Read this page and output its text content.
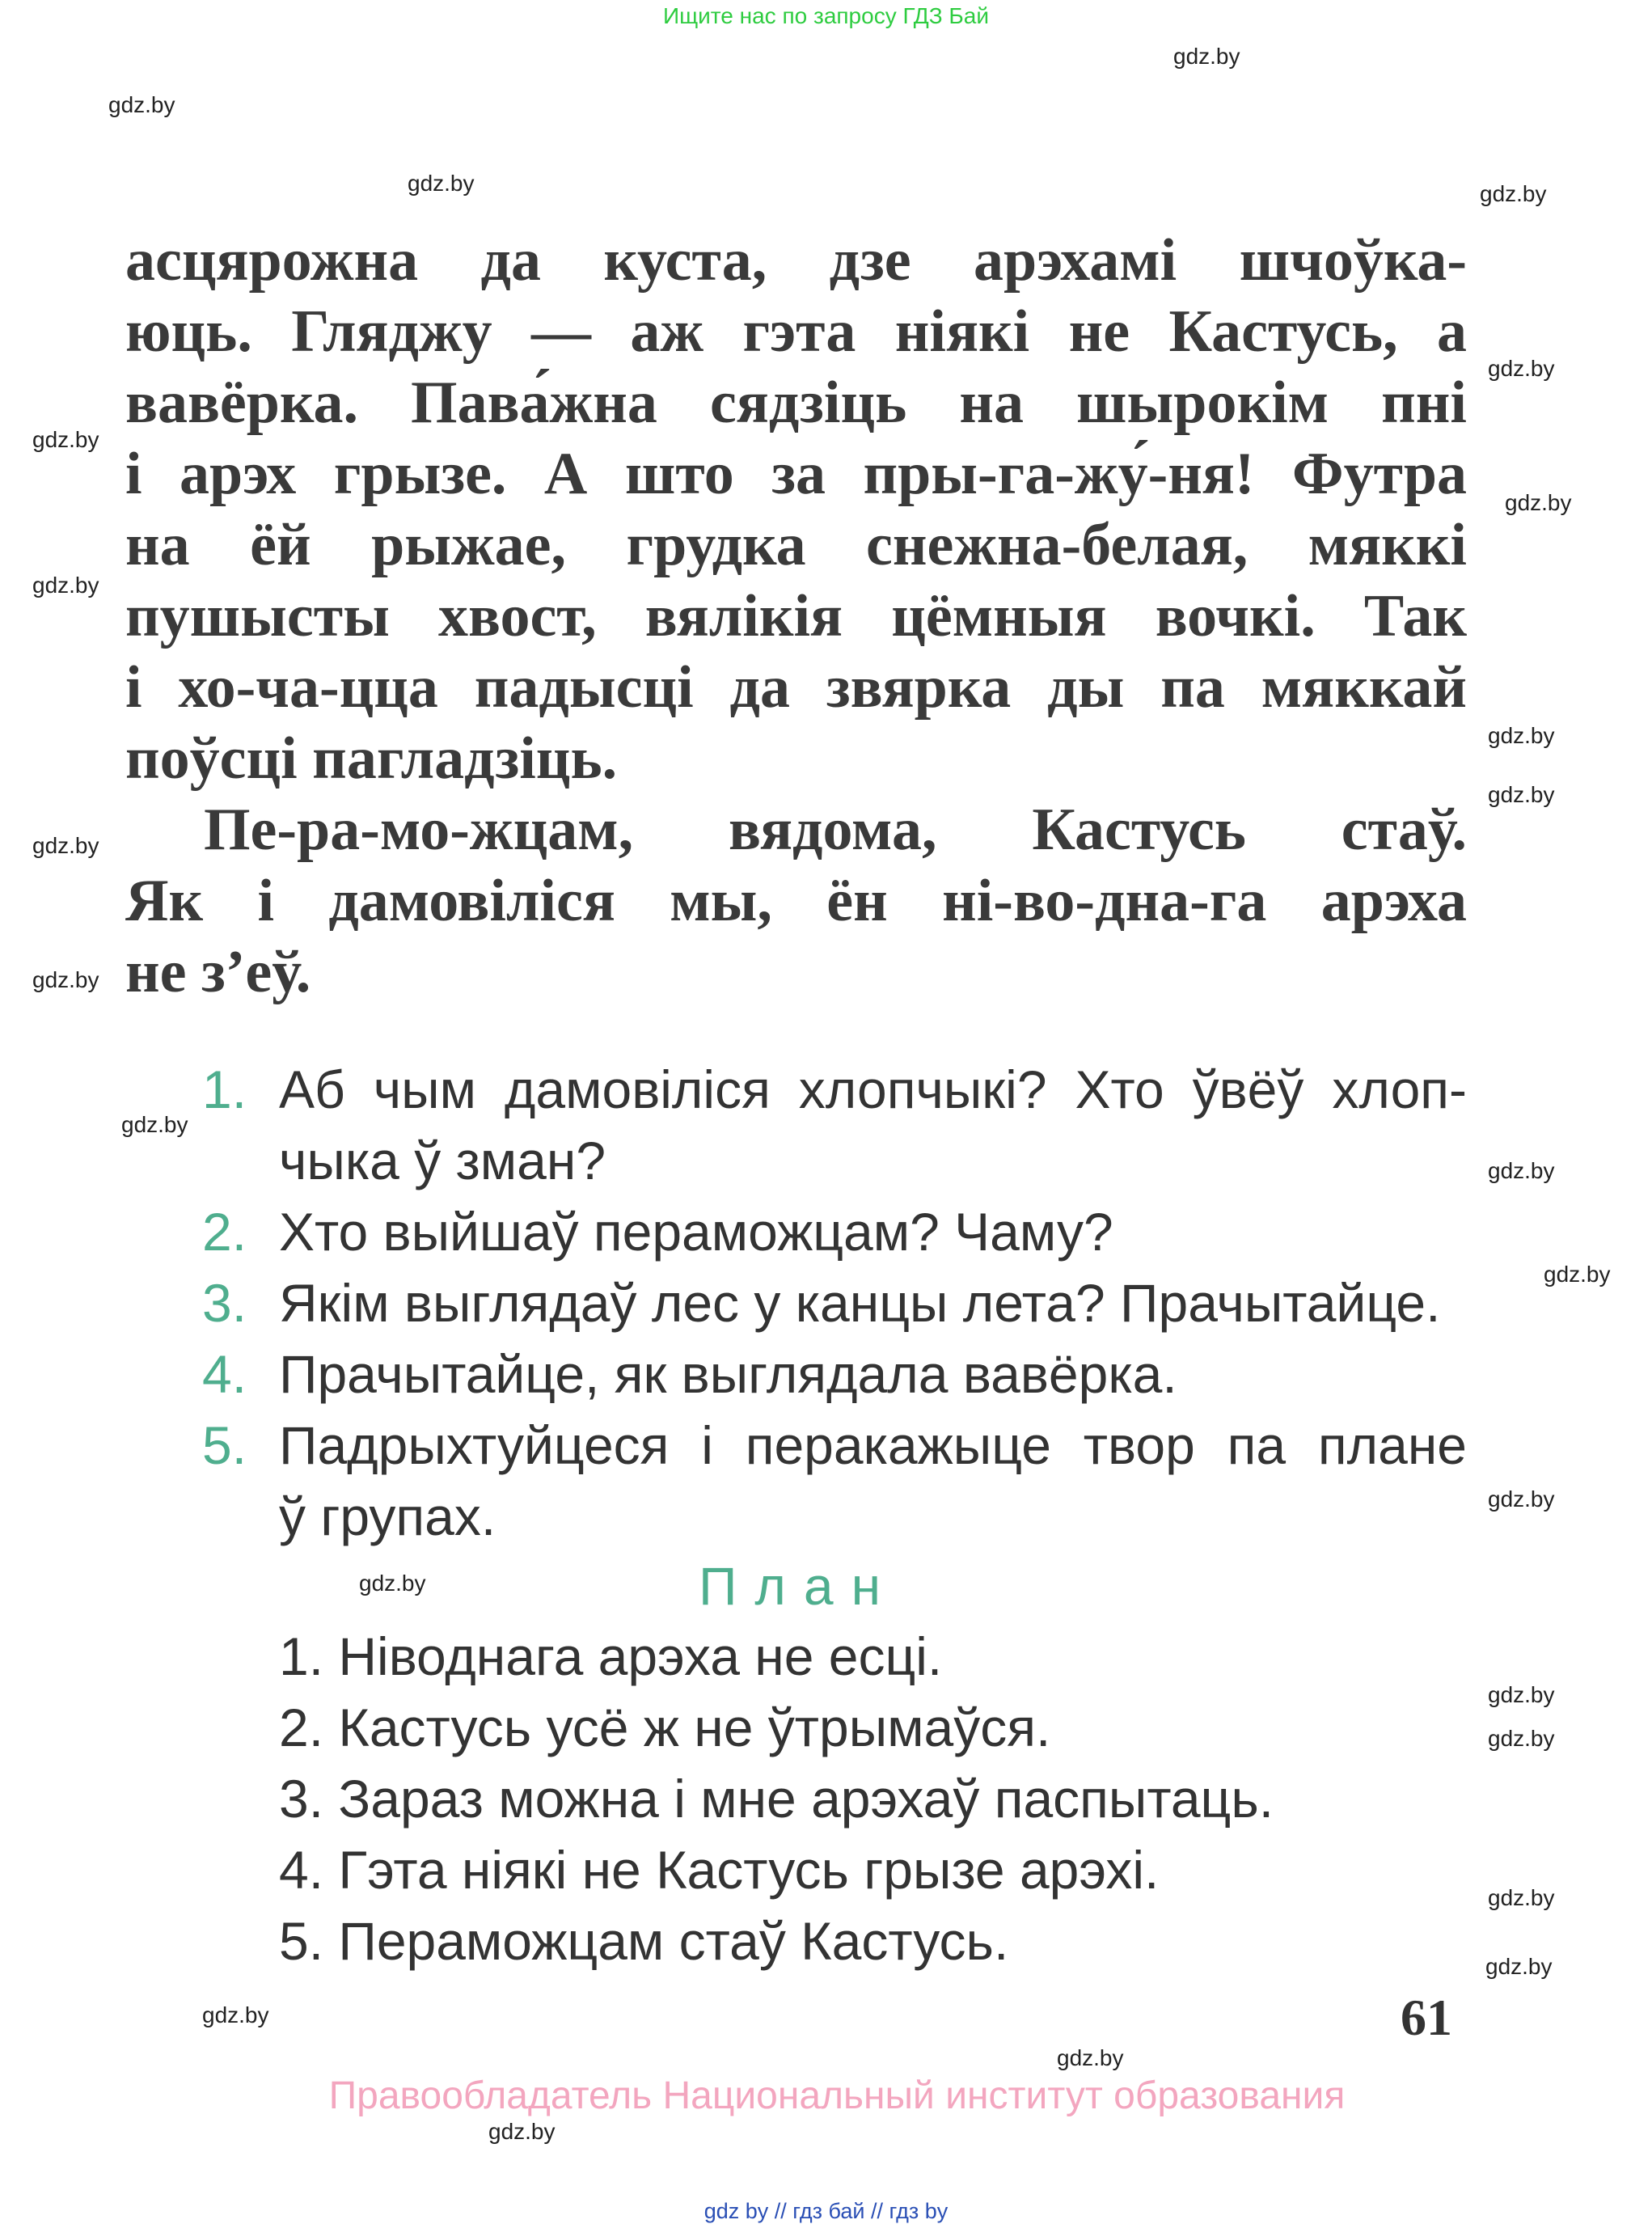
Ищите нас по запросу ГДЗ Бай
асцярожна да куста, дзе арэхамі шчоўка-
юць. Гляджу — аж гэта ніякі не Кастусь, а
вавёрка. Пава́жна сядзіць на шырокім пні
і арэх грызе. А што за пры-га-жу́-ня! Футра
на ёй рыжае, грудка снежна-белая, мяккі
пушысты хвост, вялікія цёмныя вочкі. Так
і хо-ча-цца падысці да звярка ды па мяккай
поўсці пагладзіць.
Пе-ра-мо-жцам, вядома, Кастусь стаў.
Як і дамовіліся мы, ён ні-во-дна-га арэха
не з’еў.
1. Аб чым дамовіліся хлопчыкі? Хто ўвёў хлоп-
чыка ў зман?
2. Хто выйшаў пераможцам? Чаму?
3. Якім выглядаў лес у канцы лета? Прачытайце.
4. Прачытайце, як выглядала вавёрка.
5. Падрыхтуйцеся і перакажыце твор па плане
ў групах.
План
1. Ніводнага арэха не есці.
2. Кастусь усё ж не ўтрымаўся.
3. Зараз можна і мне арэхаў паспытаць.
4. Гэта ніякі не Кастусь грызе арэхі.
5. Пераможцам стаў Кастусь.
61
Правообладатель Национальный институт образования
gdz by // гдз бай // гдз by
gdz.by
gdz.by
gdz.by	gdz.by
gdz.by
gdz.by
gdz.by
gdz.by
gdz.by
gdz.by
gdz.by
gdz.by
gdz.by
gdz.by
gdz.by
gdz.by
gdz.by
gdz.by
gdz.by
gdz.by
gdz.by
gdz.by
gdz.by
gdz.by
